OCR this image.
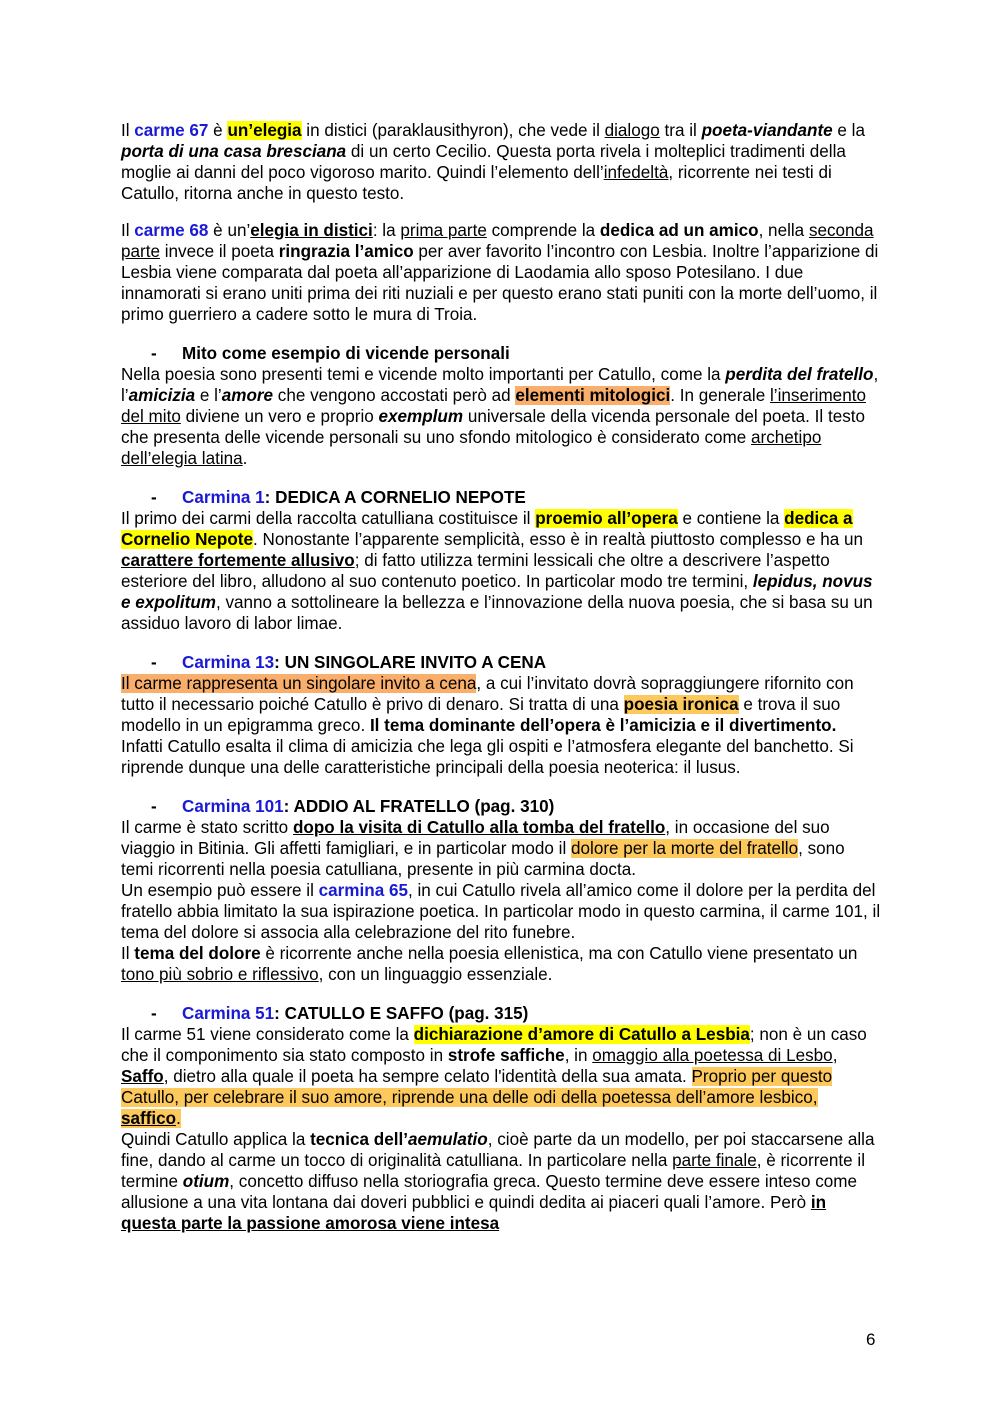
Il carme 67 è un’elegia in distici (paraklausithyron), che vede il dialogo tra il poeta-viandante e la porta di una casa bresciana di un certo Cecilio. Questa porta rivela i molteplici tradimenti della moglie ai danni del poco vigoroso marito. Quindi l’elemento dell’infedeltà, ricorrente nei testi di Catullo, ritorna anche in questo testo.

Il carme 68 è un’elegia in distici: la prima parte comprende la dedica ad un amico, nella seconda parte invece il poeta ringrazia l’amico per aver favorito l’incontro con Lesbia. Inoltre l’apparizione di Lesbia viene comparata dal poeta all’apparizione di Laodamia allo sposo Potesilano. I due innamorati si erano uniti prima dei riti nuziali e per questo erano stati puniti con la morte dell’uomo, il primo guerriero a cadere sotto le mura di Troia.

- Mito come esempio di vicende personali

Nella poesia sono presenti temi e vicende molto importanti per Catullo, come la perdita del fratello, l’amicizia e l’amore che vengono accostati però ad elementi mitologici. In generale l’inserimento del mito diviene un vero e proprio exemplum universale della vicenda personale del poeta. Il testo che presenta delle vicende personali su uno sfondo mitologico è considerato come archetipo dell’elegia latina.

- Carmina 1: DEDICA A CORNELIO NEPOTE

Il primo dei carmi della raccolta catulliana costituisce il proemio all’opera e contiene la dedica a Cornelio Nepote. Nonostante l’apparente semplicità, esso è in realtà piuttosto complesso e ha un carattere fortemente allusivo; di fatto utilizza termini lessicali che oltre a descrivere l’aspetto esteriore del libro, alludono al suo contenuto poetico. In particolar modo tre termini, lepidus, novus e expolitum, vanno a sottolineare la bellezza e l’innovazione della nuova poesia, che si basa su un assiduo lavoro di labor limae.

- Carmina 13: UN SINGOLARE INVITO A CENA

Il carme rappresenta un singolare invito a cena, a cui l’invitato dovrà sopraggiungere rifornito con tutto il necessario poiché Catullo è privo di denaro. Si tratta di una poesia ironica e trova il suo modello in un epigramma greco. Il tema dominante dell’opera è l’amicizia e il divertimento. Infatti Catullo esalta il clima di amicizia che lega gli ospiti e l’atmosfera elegante del banchetto. Si riprende dunque una delle caratteristiche principali della poesia neoterica: il lusus.

- Carmina 101: ADDIO AL FRATELLO (pag. 310)

Il carme è stato scritto dopo la visita di Catullo alla tomba del fratello, in occasione del suo viaggio in Bitinia. Gli affetti famigliari, e in particolar modo il dolore per la morte del fratello, sono temi ricorrenti nella poesia catulliana, presente in più carmina docta.

Un esempio può essere il carmina 65, in cui Catullo rivela all’amico come il dolore per la perdita del fratello abbia limitato la sua ispirazione poetica. In particolar modo in questo carmina, il carme 101, il tema del dolore si associa alla celebrazione del rito funebre.

Il tema del dolore è ricorrente anche nella poesia ellenistica, ma con Catullo viene presentato un tono più sobrio e riflessivo, con un linguaggio essenziale.

- Carmina 51: CATULLO E SAFFO (pag. 315)

Il carme 51 viene considerato come la dichiarazione d’amore di Catullo a Lesbia; non è un caso che il componimento sia stato composto in strofe saffiche, in omaggio alla poetessa di Lesbo, Saffo, dietro alla quale il poeta ha sempre celato l'identità della sua amata. Proprio per questo Catullo, per celebrare il suo amore, riprende una delle odi della poetessa dell’amore lesbico, saffico.

Quindi Catullo applica la tecnica dell’aemulatio, cioè parte da un modello, per poi staccarsene alla fine, dando al carme un tocco di originalità catulliana. In particolare nella parte finale, è ricorrente il termine otium, concetto diffuso nella storiografia greca. Questo termine deve essere inteso come allusione a una vita lontana dai doveri pubblici e quindi dedita ai piaceri quali l’amore. Però in questa parte la passione amorosa viene intesa

6
